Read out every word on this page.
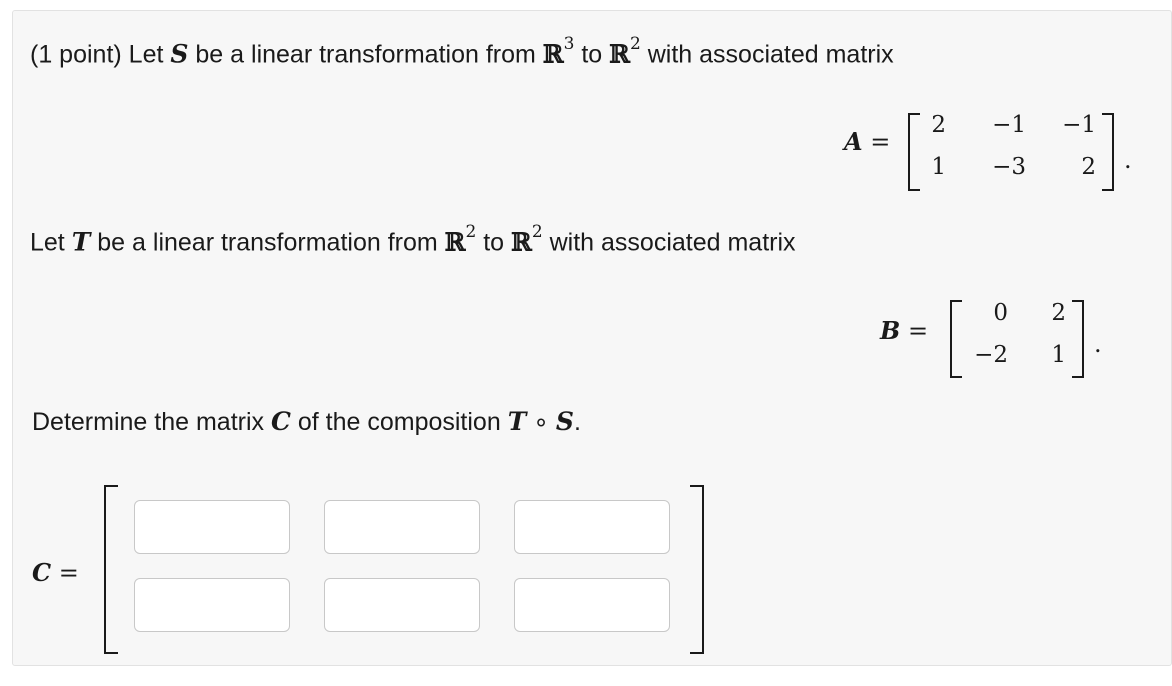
(1 point) Let S be a linear transformation from ℝ$^3$ to ℝ$^2$ with associated matrix
A =
2	−1	−1
1	−3	2 .
Let T be a linear transformation from ℝ$^2$ to ℝ$^2$ with associated matrix
B =
0	2
−2	1 .
Determine the matrix C of the composition T ∘ S.
C =
